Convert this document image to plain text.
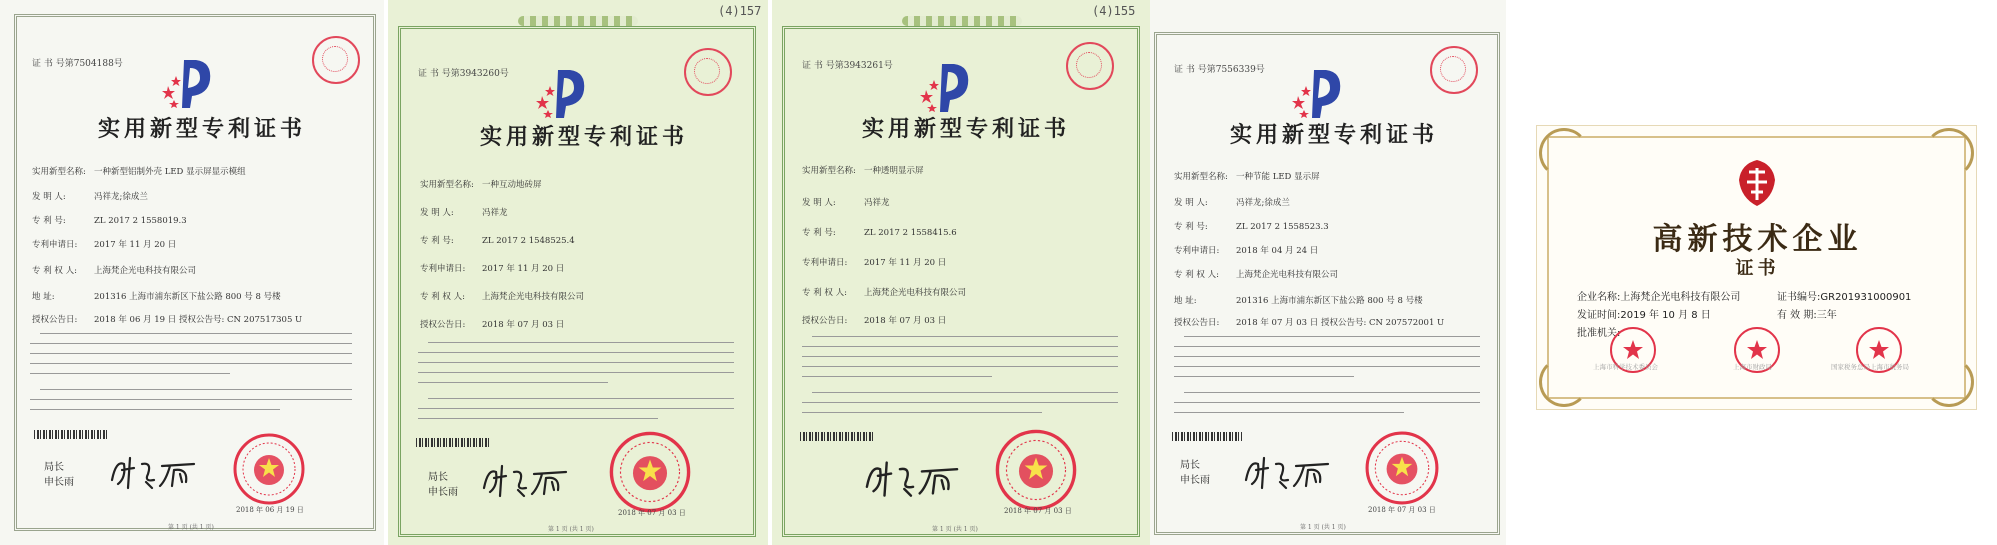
证 书 号第7504188号
实用新型专利证书
实用新型名称: 一种新型铝制外壳 LED 显示屏显示模组
发 明 人:	冯祥龙;徐成兰
专 利 号:	ZL 2017 2 1558019.3
专利申请日: 2017 年 11 月 20 日
专 利 权 人: 上海梵企光电科技有限公司
地 址:	201316 上海市浦东新区下盐公路 800 号 8 号楼
授权公告日: 2018 年 06 月 19 日 授权公告号: CN 207517305 U
局长
申长雨
2018 年 06 月 19 日
第 1 页 (共 1 页)
(4)157
证 书 号第3943260号
实用新型专利证书
实用新型名称: 一种互动地砖屏
发 明 人:	冯祥龙
专 利 号:	ZL 2017 2 1548525.4
专利申请日: 2017 年 11 月 20 日
专 利 权 人: 上海梵企光电科技有限公司
授权公告日: 2018 年 07 月 03 日
局长
申长雨
2018 年 07 月 03 日
第 1 页 (共 1 页)
(4)155
证 书 号第3943261号
实用新型专利证书
实用新型名称: 一种透明显示屏
发 明 人:	冯祥龙
专 利 号:	ZL 2017 2 1558415.6
专利申请日: 2017 年 11 月 20 日
专 利 权 人: 上海梵企光电科技有限公司
授权公告日: 2018 年 07 月 03 日
2018 年 07 月 03 日
第 1 页 (共 1 页)
证 书 号第7556339号
实用新型专利证书
实用新型名称: 一种节能 LED 显示屏
发 明 人:	冯祥龙;徐成兰
专 利 号:	ZL 2017 2 1558523.3
专利申请日: 2018 年 04 月 24 日
专 利 权 人: 上海梵企光电科技有限公司
地 址:	201316 上海市浦东新区下盐公路 800 号 8 号楼
授权公告日: 2018 年 07 月 03 日 授权公告号: CN 207572001 U
局长
申长雨
2018 年 07 月 03 日
第 1 页 (共 1 页)
高新技术企业
证书
企业名称:上海梵企光电科技有限公司	证书编号:GR201931000901
发证时间:2019 年 10 月 8 日	有 效 期:三年
批准机关:
上海市科学技术委员会	上海市财政局	国家税务总局上海市税务局
